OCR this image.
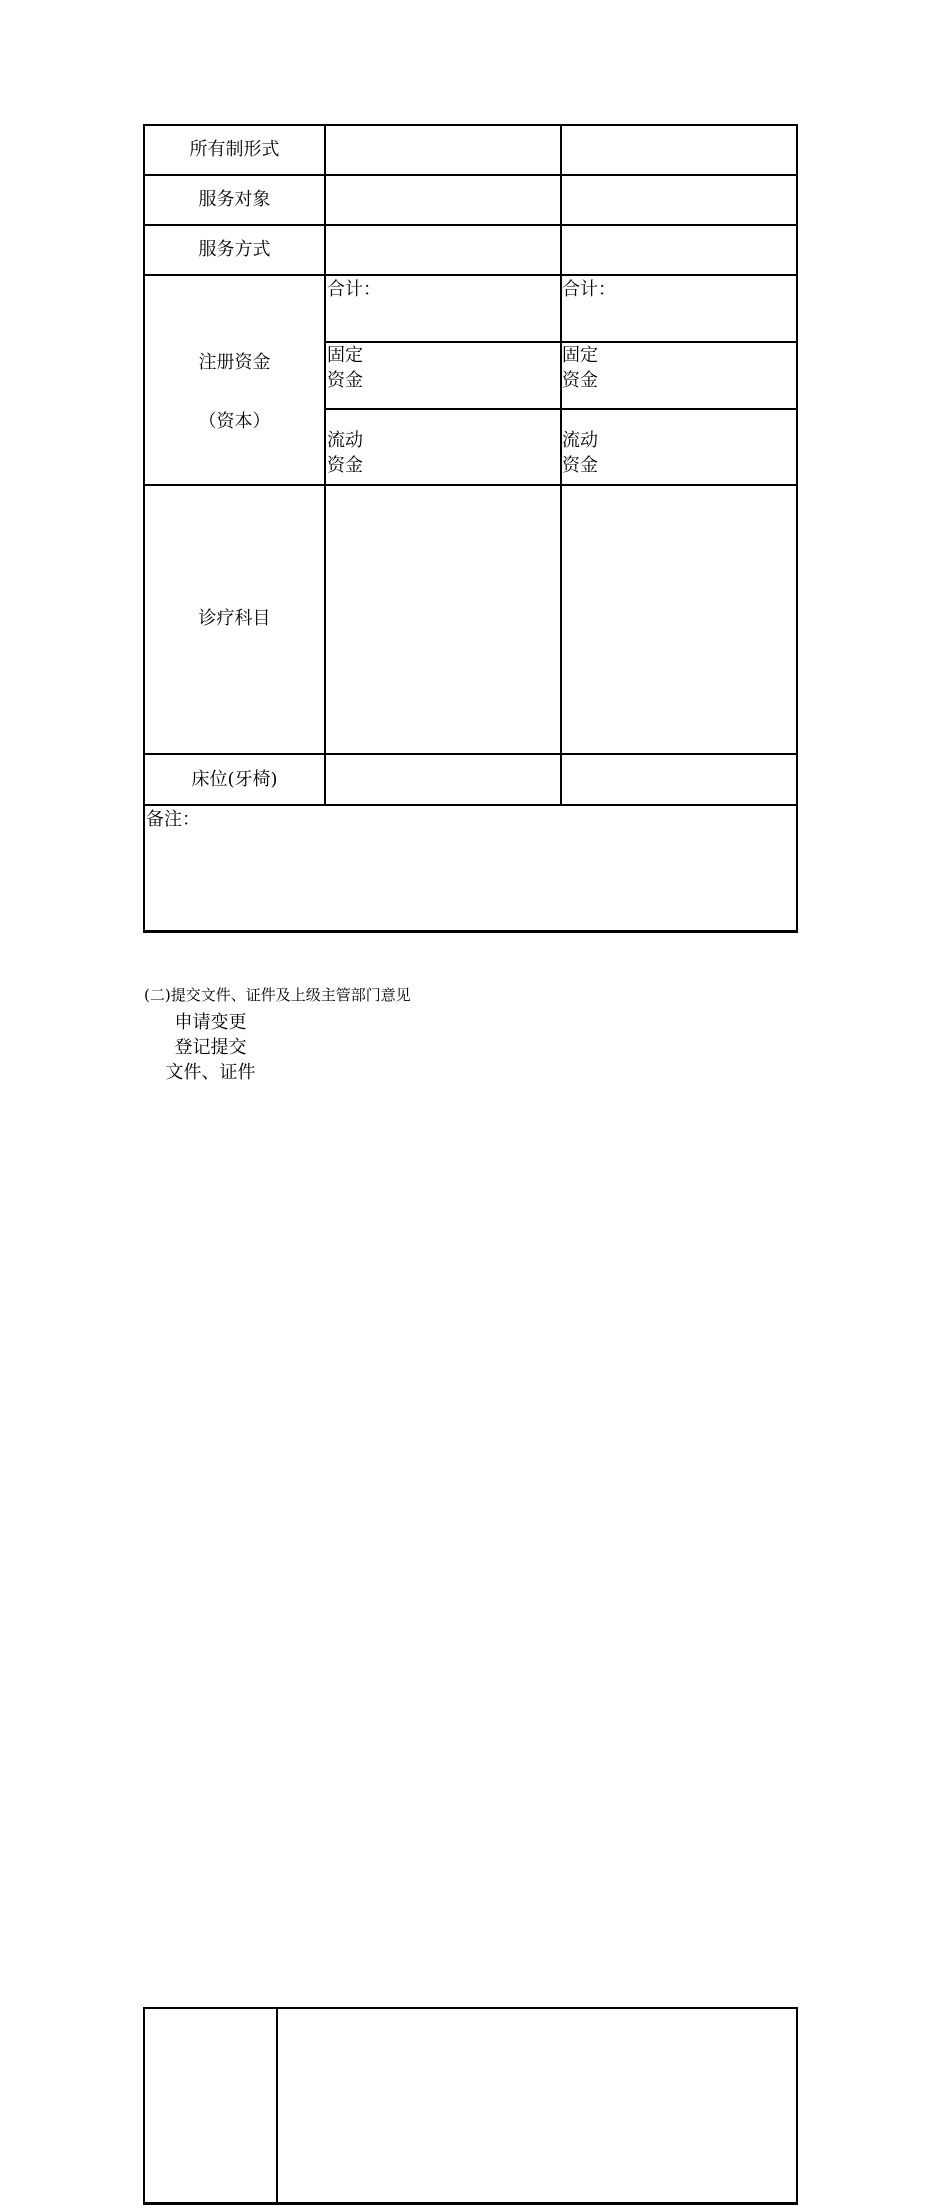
所有制形式
服务对象
服务方式
注册资金
（资本）
合计：	合计：
固定
资金
固定
资金
流动
资金
流动
资金
诊疗科目
床位(牙椅)
备注：
(二)提交文件、证件及上级主管部门意见
申请变更
登记提交
文件、证件
